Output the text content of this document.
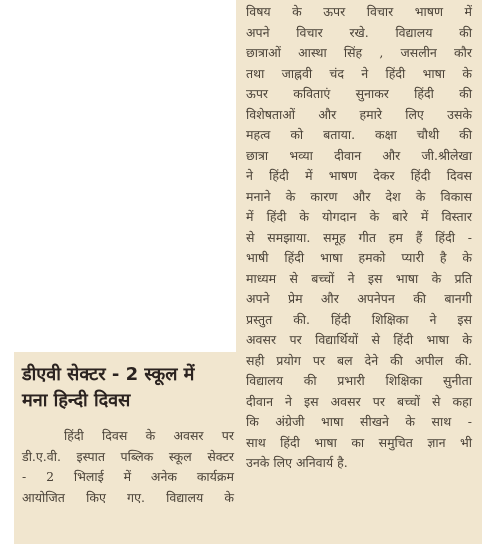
विषय के ऊपर विचार भाषण में
अपने विचार रखे. विद्यालय की
छात्राओं आस्था सिंह , जसलीन कौर
तथा जाह्नवी चंद ने हिंदी भाषा के
ऊपर कविताएं सुनाकर हिंदी की
विशेषताओं और हमारे लिए उसके
महत्व को बताया. कक्षा चौथी की
छात्रा भव्या दीवान और जी.श्रीलेखा
ने हिंदी में भाषण देकर हिंदी दिवस
मनाने के कारण और देश के विकास
में हिंदी के योगदान के बारे में विस्तार
से समझाया. समूह गीत हम हैं हिंदी -
भाषी हिंदी भाषा हमको प्यारी है के
माध्यम से बच्चों ने इस भाषा के प्रति
अपने प्रेम और अपनेपन की बानगी
प्रस्तुत की. हिंदी शिक्षिका ने इस
अवसर पर विद्यार्थियों से हिंदी भाषा के
सही प्रयोग पर बल देने की अपील की.
विद्यालय की प्रभारी शिक्षिका सुनीता
दीवान ने इस अवसर पर बच्चों से कहा
कि अंग्रेजी भाषा सीखने के साथ -
साथ हिंदी भाषा का समुचित ज्ञान भी
उनके लिए अनिवार्य है.
डीएवी सेक्टर - 2 स्कूल में
मना हिन्दी दिवस
हिंदी दिवस के अवसर पर
डी.ए.वी. इस्पात पब्लिक स्कूल सेक्टर
- 2 भिलाई में अनेक कार्यक्रम
आयोजित किए गए. विद्यालय के
